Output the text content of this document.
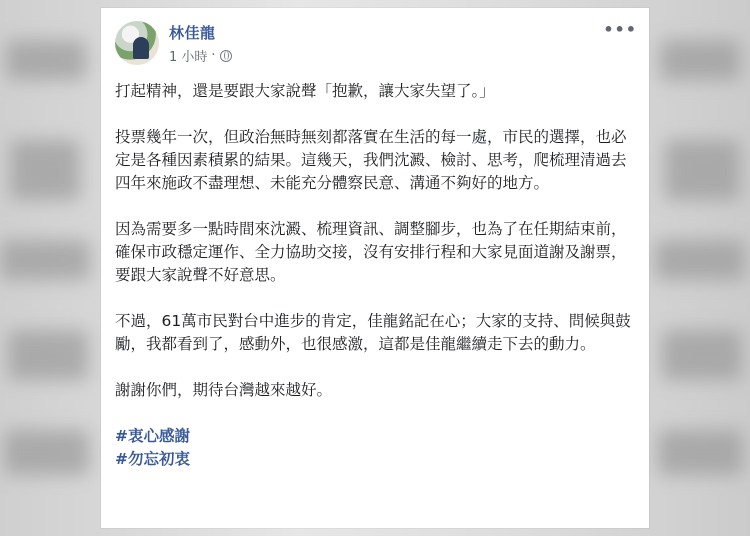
林佳龍
1 小時 ·
•••

打起精神，還是要跟大家說聲「抱歉，讓大家失望了。」

投票幾年一次，但政治無時無刻都落實在生活的每一處，市民的選擇，也必定是各種因素積累的結果。這幾天，我們沈澱、檢討、思考，爬梳理清過去四年來施政不盡理想、未能充分體察民意、溝通不夠好的地方。

因為需要多一點時間來沈澱、梳理資訊、調整腳步，也為了在任期結束前，確保市政穩定運作、全力協助交接，沒有安排行程和大家見面道謝及謝票，要跟大家說聲不好意思。

不過，61萬市民對台中進步的肯定，佳龍銘記在心；大家的支持、問候與鼓勵，我都看到了，感動外，也很感激，這都是佳龍繼續走下去的動力。

謝謝你們，期待台灣越來越好。

#衷心感謝
#勿忘初衷
